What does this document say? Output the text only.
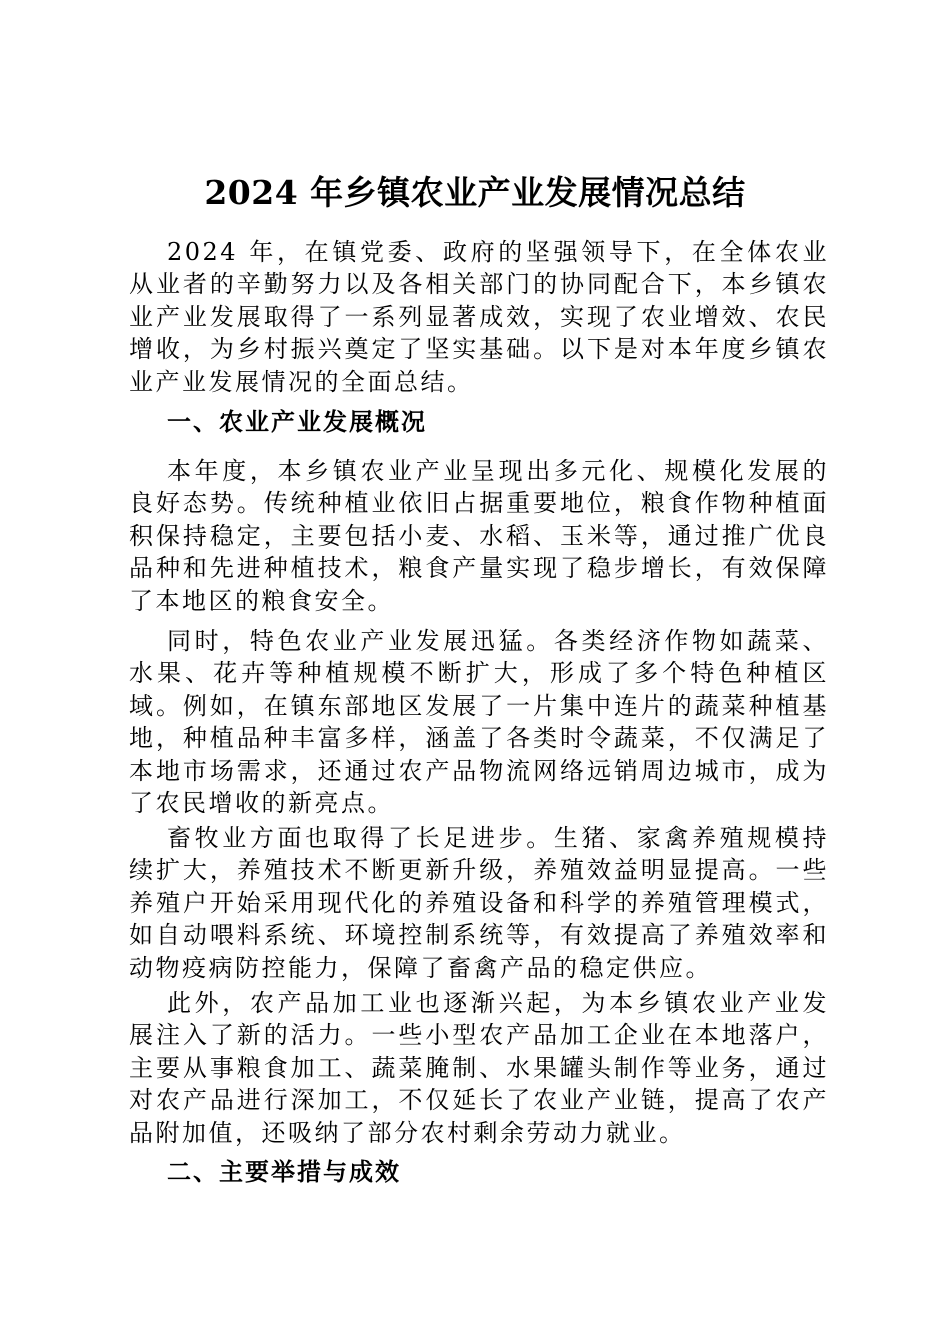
2024 年乡镇农业产业发展情况总结

2024 年，在镇党委、政府的坚强领导下，在全体农业从业者的辛勤努力以及各相关部门的协同配合下，本乡镇农业产业发展取得了一系列显著成效，实现了农业增效、农民增收，为乡村振兴奠定了坚实基础。以下是对本年度乡镇农业产业发展情况的全面总结。

一、农业产业发展概况

本年度，本乡镇农业产业呈现出多元化、规模化发展的良好态势。传统种植业依旧占据重要地位，粮食作物种植面积保持稳定，主要包括小麦、水稻、玉米等，通过推广优良品种和先进种植技术，粮食产量实现了稳步增长，有效保障了本地区的粮食安全。

同时，特色农业产业发展迅猛。各类经济作物如蔬菜、水果、花卉等种植规模不断扩大，形成了多个特色种植区域。例如，在镇东部地区发展了一片集中连片的蔬菜种植基地，种植品种丰富多样，涵盖了各类时令蔬菜，不仅满足了本地市场需求，还通过农产品物流网络远销周边城市，成为了农民增收的新亮点。

畜牧业方面也取得了长足进步。生猪、家禽养殖规模持续扩大，养殖技术不断更新升级，养殖效益明显提高。一些养殖户开始采用现代化的养殖设备和科学的养殖管理模式，如自动喂料系统、环境控制系统等，有效提高了养殖效率和动物疫病防控能力，保障了畜禽产品的稳定供应。

此外，农产品加工业也逐渐兴起，为本乡镇农业产业发展注入了新的活力。一些小型农产品加工企业在本地落户，主要从事粮食加工、蔬菜腌制、水果罐头制作等业务，通过对农产品进行深加工，不仅延长了农业产业链，提高了农产品附加值，还吸纳了部分农村剩余劳动力就业。

二、主要举措与成效
